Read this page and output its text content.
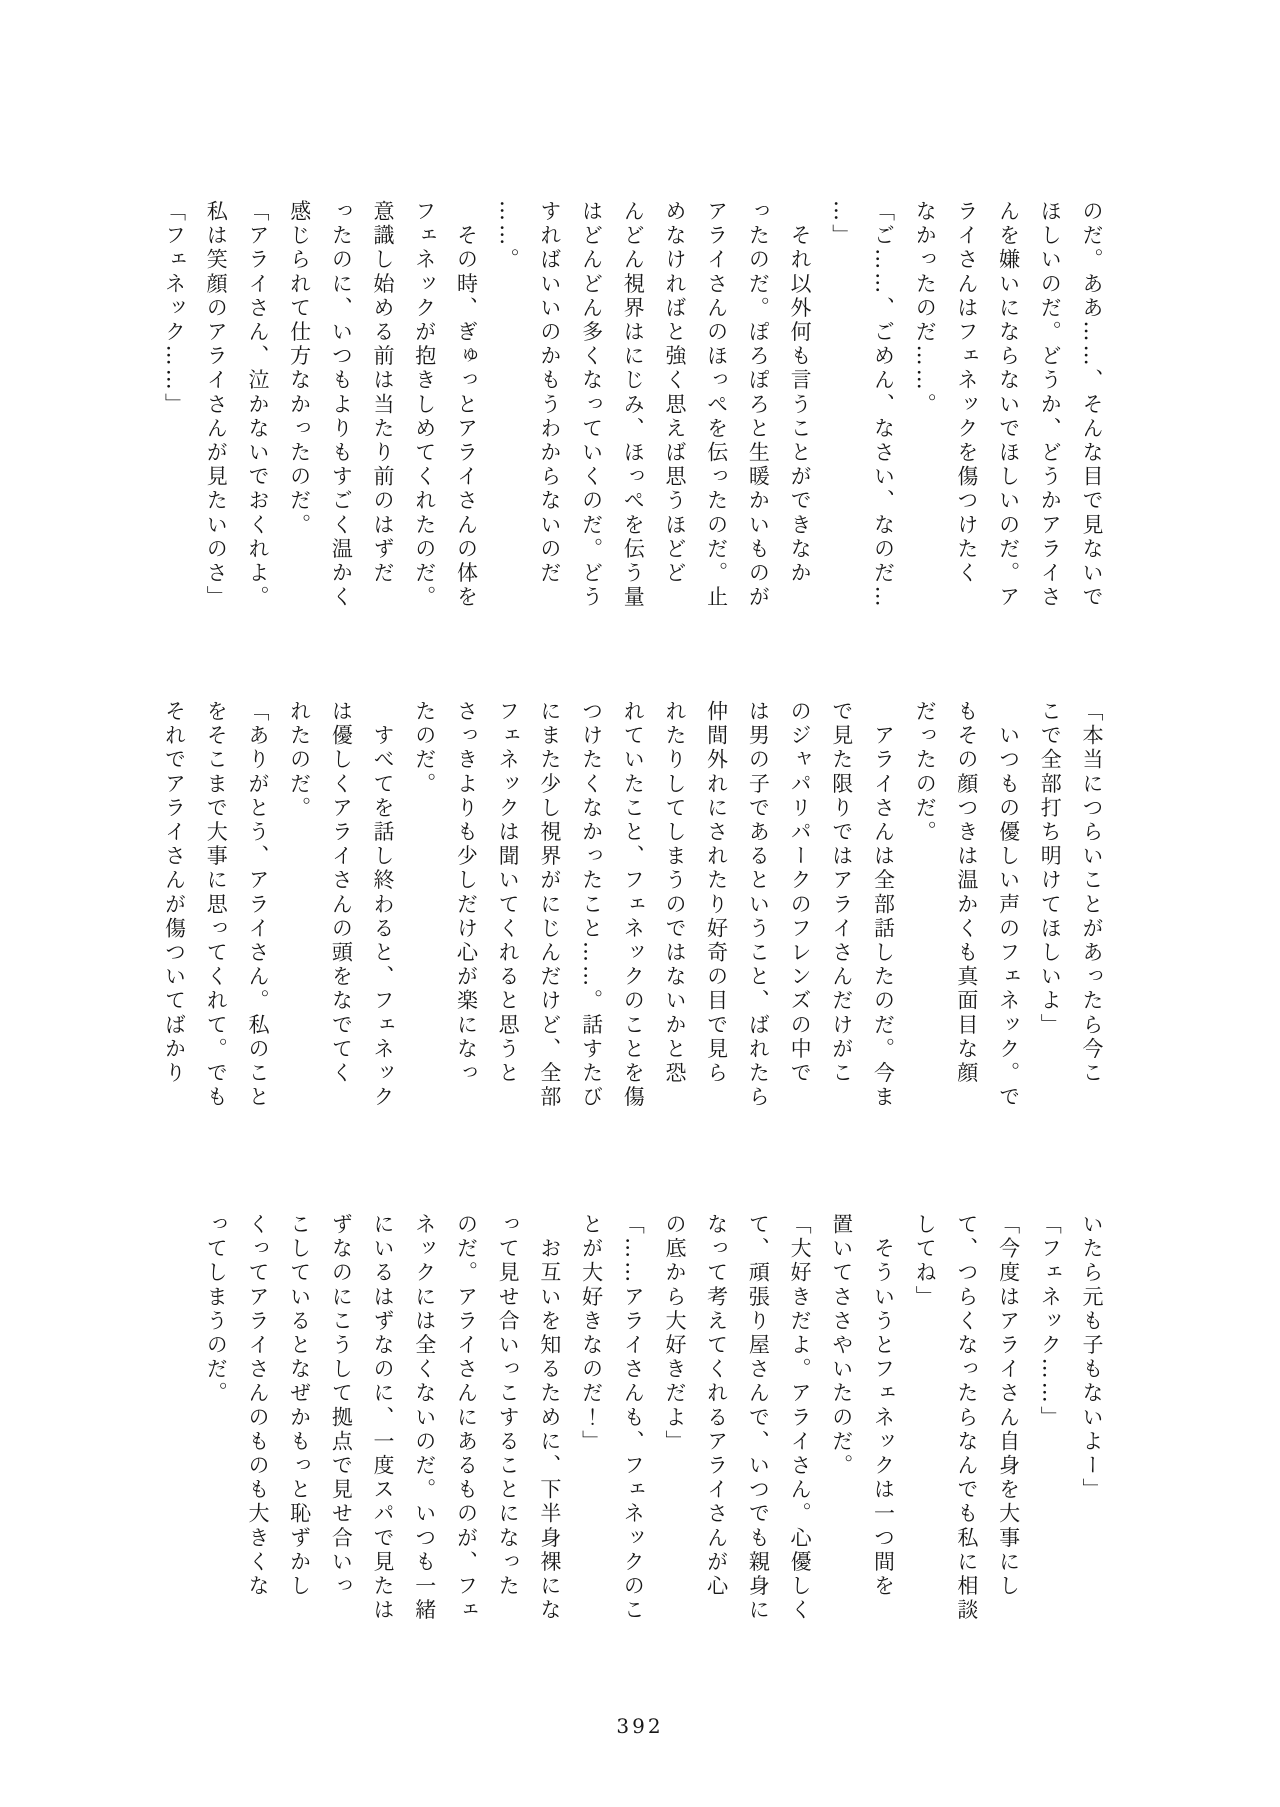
のだ。ああ……、そんな目で見ないで
ほしいのだ。どうか、どうかアライさ
んを嫌いにならないでほしいのだ。ア
ライさんはフェネックを傷つけたく
なかったのだ……。
「ご……、ごめん、なさい、なのだ…
…」
　それ以外何も言うことができなか
ったのだ。ぽろぽろと生暖かいものが
アライさんのほっぺを伝ったのだ。止
めなければと強く思えば思うほどど
んどん視界はにじみ、ほっぺを伝う量
はどんどん多くなっていくのだ。どう
すればいいのかもうわからないのだ
……。
　その時、ぎゅっとアライさんの体を
フェネックが抱きしめてくれたのだ。
意識し始める前は当たり前のはずだ
ったのに、いつもよりもすごく温かく
感じられて仕方なかったのだ。
「アライさん、泣かないでおくれよ。
私は笑顔のアライさんが見たいのさ」
「フェネック……」
「本当につらいことがあったら今こ
こで全部打ち明けてほしいよ」
　いつもの優しい声のフェネック。で
もその顔つきは温かくも真面目な顔
だったのだ。
　アライさんは全部話したのだ。今ま
で見た限りではアライさんだけがこ
のジャパリパークのフレンズの中で
は男の子であるということ、ばれたら
仲間外れにされたり好奇の目で見ら
れたりしてしまうのではないかと恐
れていたこと、フェネックのことを傷
つけたくなかったこと……。話すたび
にまた少し視界がにじんだけど、全部
フェネックは聞いてくれると思うと
さっきよりも少しだけ心が楽になっ
たのだ。
　すべてを話し終わると、フェネック
は優しくアライさんの頭をなでてく
れたのだ。
「ありがとう、アライさん。私のこと
をそこまで大事に思ってくれて。でも
それでアライさんが傷ついてばかり
いたら元も子もないよー」
「フェネック……」
「今度はアライさん自身を大事にし
て、つらくなったらなんでも私に相談
してね」
　そういうとフェネックは一つ間を
置いてささやいたのだ。
「大好きだよ。アライさん。心優しく
て、頑張り屋さんで、いつでも親身に
なって考えてくれるアライさんが心
の底から大好きだよ」
「……アライさんも、フェネックのこ
とが大好きなのだ！」
　お互いを知るために、下半身裸にな
って見せ合いっこすることになった
のだ。アライさんにあるものが、フェ
ネックには全くないのだ。いつも一緒
にいるはずなのに、一度スパで見たは
ずなのにこうして拠点で見せ合いっ
こしているとなぜかもっと恥ずかし
くってアライさんのものも大きくな
ってしまうのだ。
392
